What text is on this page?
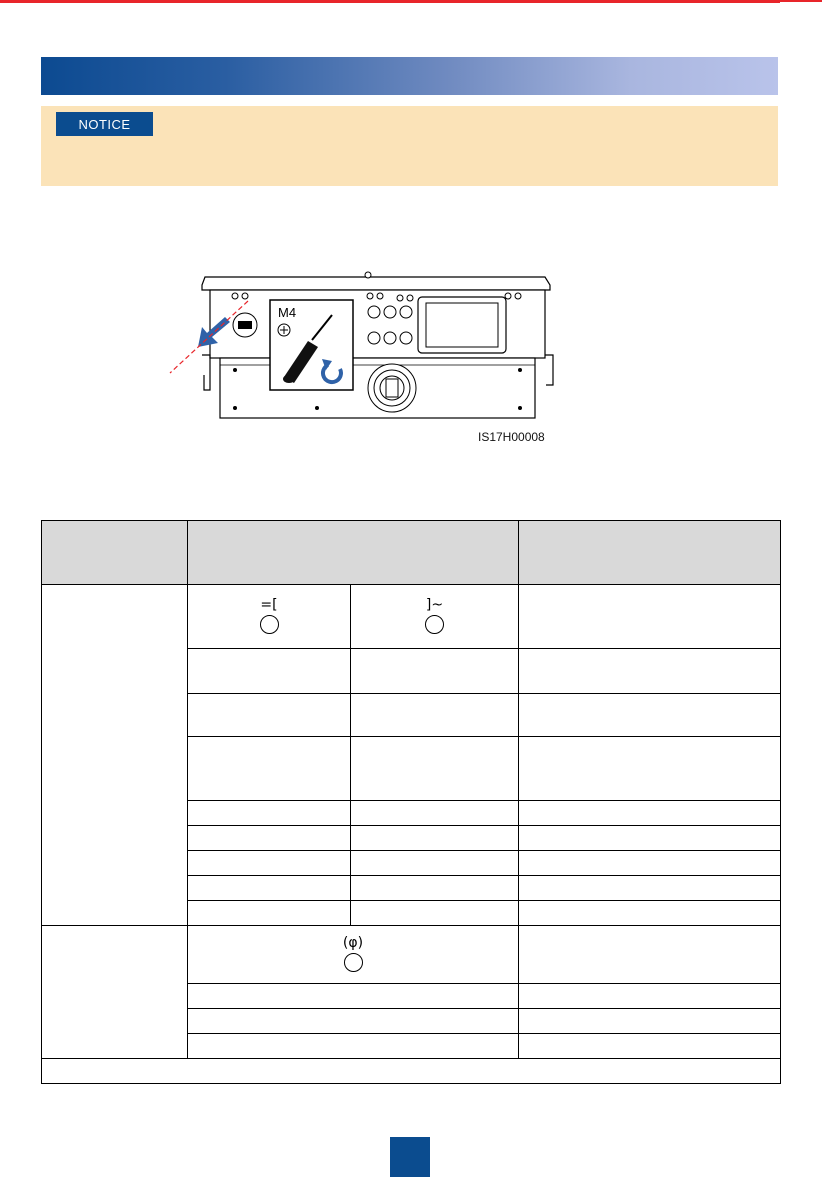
NOTICE
M4
IS17H00008

	=[	]~	

	(φ)		
